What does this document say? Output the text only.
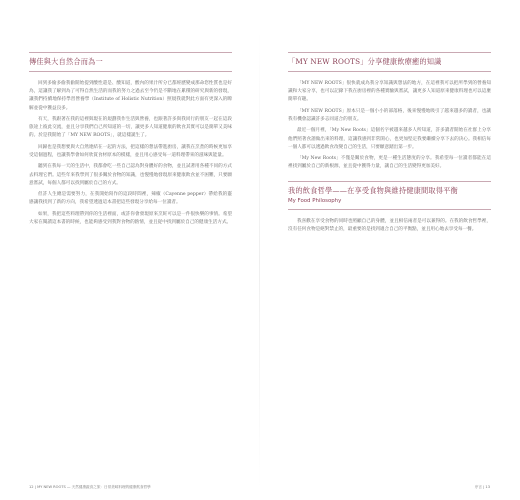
傳佳與大自然合而為一

回到多偷多偷我偷開始提到酸性還是、酸知道，酸內的果汁所分已都經歷變成那命您性質也是好為，這讓我了解到為了可得自然生活的而我的努力之過去至今仍是不斷地在累積的研究與新的發現，讓我們持續地保持學習營養學（Institute of Holistic Nutrition）照規我就對此方面有更深入的瞭解並從中獲益良多。

有天，我跟著在我的這裡與現在的規劃我作生活與營養，也跟著許多與我同行的朋友一起在這段旅途上彼此交流，並且分享我們自己所知道的一切，讓更多人知道健康的飲食其實可以是簡單又美味的。於是我開始了「MY NEW ROOTS」，就這樣誕生了。

回歸也是我想要與大自然連結在一起的方法，把這樣的想法帶進廚房，讓我在烹煮的時候更加享受這個過程，也讓我學會如何欣賞食材原本的模樣，並且用心感受每一道料理帶來的滋味與能量。

聽到在我每一天的生活中，我都會吃一些自己認為對身體好的食物，並且試著用各種不同的方式去料理它們。這些年來我學到了很多關於食物的知識，也慢慢地發現原來健康飲食並不困難，只要願意嘗試，每個人都可以找到屬於自己的方式。

但許人生總是需要努力，在我開始寫作的這段時間裡，辣椒（Cayenne pepper）帶給我的靈感讓我找到了新的方向，我希望透過這本書把這些發現分享給每一位讀者。

如果，我把這些料理帶到你的生活裡面，或許你會發現原來烹飪可以是一件很快樂的事情。希望大家在閱讀這本書的時候，也能夠感受到我對食物的熱情，並且從中找到屬於自己的健康生活方式。

「MY NEW ROOTS」分享健康飲療癒的知識

「MY NEW ROOTS」很快就成為我分享知識與想法的地方，在這裡我可以把所學到的營養知識和大家分享，也可以記錄下我在廚房裡的各種實驗與嘗試，讓更多人知道原來健康料理也可以這麼簡單有趣。

「MY NEW ROOTS」原本只是一個小小的部落格，後來慢慢地吸引了越來越多的讀者，也讓我有機會認識許多志同道合的朋友。

最近一個月裡，「My New Roots」這個名字被越來越多人所知道，許多讀者開始在社群上分享他們照著食譜做出來的料理，這讓我感到非常開心，也更加堅定我要繼續分享下去的決心。我相信每一個人都可以透過飲食改變自己的生活，只要願意踏出第一步。

「My New Roots」不僅是關於食物，更是一種生活態度的分享。我希望每一位讀者都能在這裡找到屬於自己的新根源，並且從中獲得力量，讓自己的生活變得更加美好。

我的飲食哲學——在享受食物與維持健康間取得平衡
My Food Philosophy

我喜歡在享受食物的同時也照顧自己的身體，並且相信兩者是可以兼得的。在我的飲食哲學裡，沒有任何食物是絕對禁止的，最重要的是找到適合自己的平衡點，並且用心地去享受每一餐。

12 | MY NEW ROOTS — 天然健康蔬食之旅：日常美味料理的健康飲食哲學	序言 | 13
